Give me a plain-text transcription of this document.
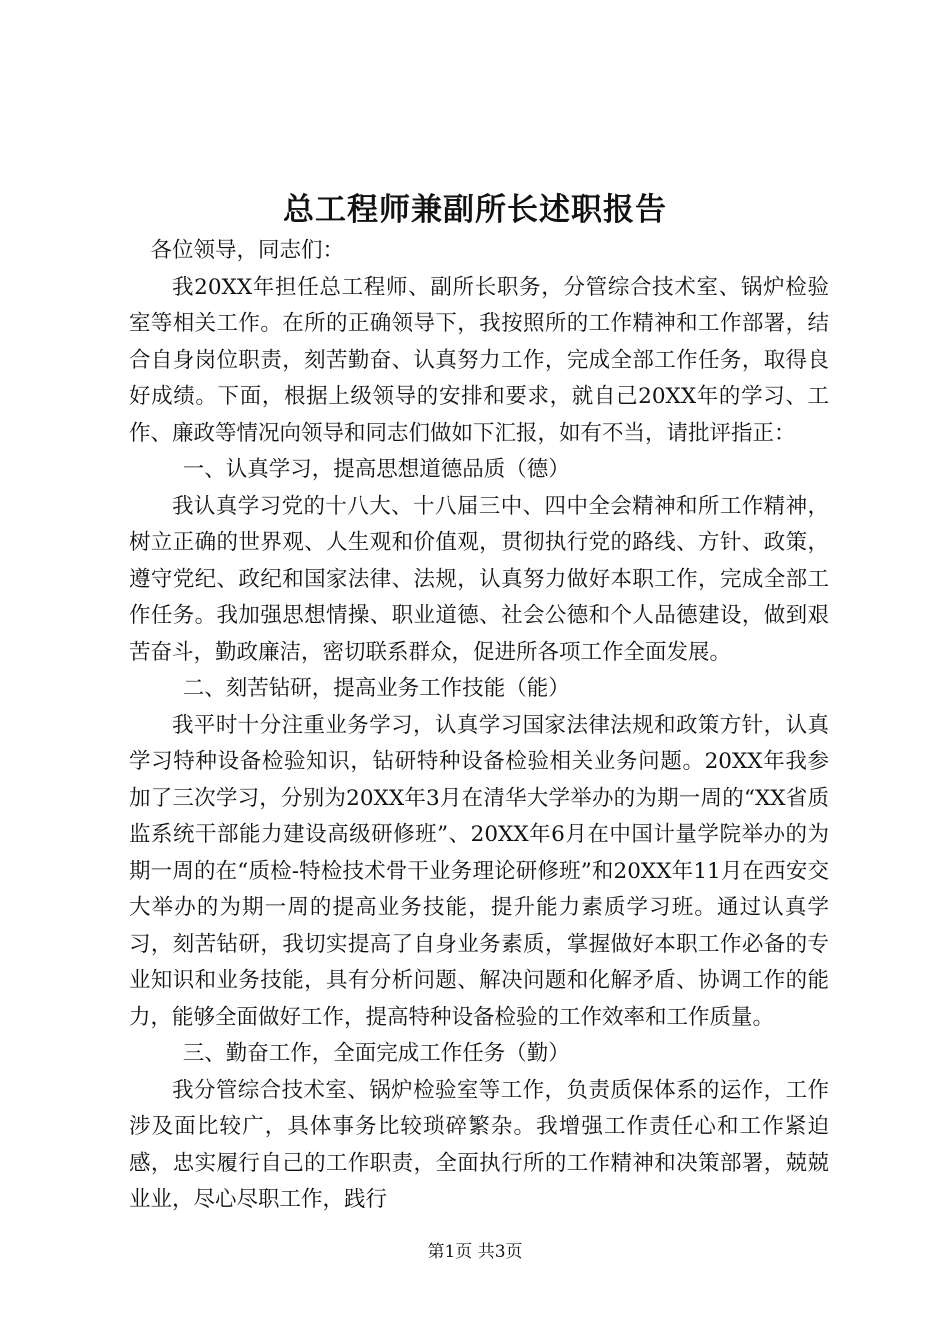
总工程师兼副所长述职报告

各位领导，同志们：

我20XX年担任总工程师、副所长职务，分管综合技术室、锅炉检验室等相关工作。在所的正确领导下，我按照所的工作精神和工作部署，结合自身岗位职责，刻苦勤奋、认真努力工作，完成全部工作任务，取得良好成绩。下面，根据上级领导的安排和要求，就自己20XX年的学习、工作、廉政等情况向领导和同志们做如下汇报，如有不当，请批评指正：

一、认真学习，提高思想道德品质（德）

我认真学习党的十八大、十八届三中、四中全会精神和所工作精神，树立正确的世界观、人生观和价值观，贯彻执行党的路线、方针、政策，遵守党纪、政纪和国家法律、法规，认真努力做好本职工作，完成全部工作任务。我加强思想情操、职业道德、社会公德和个人品德建设，做到艰苦奋斗，勤政廉洁，密切联系群众，促进所各项工作全面发展。

二、刻苦钻研，提高业务工作技能（能）

我平时十分注重业务学习，认真学习国家法律法规和政策方针，认真学习特种设备检验知识，钻研特种设备检验相关业务问题。20XX年我参加了三次学习，分别为20XX年3月在清华大学举办的为期一周的“XX省质监系统干部能力建设高级研修班”、20XX年6月在中国计量学院举办的为期一周的在“质检-特检技术骨干业务理论研修班”和20XX年11月在西安交大举办的为期一周的提高业务技能，提升能力素质学习班。通过认真学习，刻苦钻研，我切实提高了自身业务素质，掌握做好本职工作必备的专业知识和业务技能，具有分析问题、解决问题和化解矛盾、协调工作的能力，能够全面做好工作，提高特种设备检验的工作效率和工作质量。

三、勤奋工作，全面完成工作任务（勤）

我分管综合技术室、锅炉检验室等工作，负责质保体系的运作，工作涉及面比较广，具体事务比较琐碎繁杂。我增强工作责任心和工作紧迫感，忠实履行自己的工作职责，全面执行所的工作精神和决策部署，兢兢业业，尽心尽职工作，践行

第1页 共3页
